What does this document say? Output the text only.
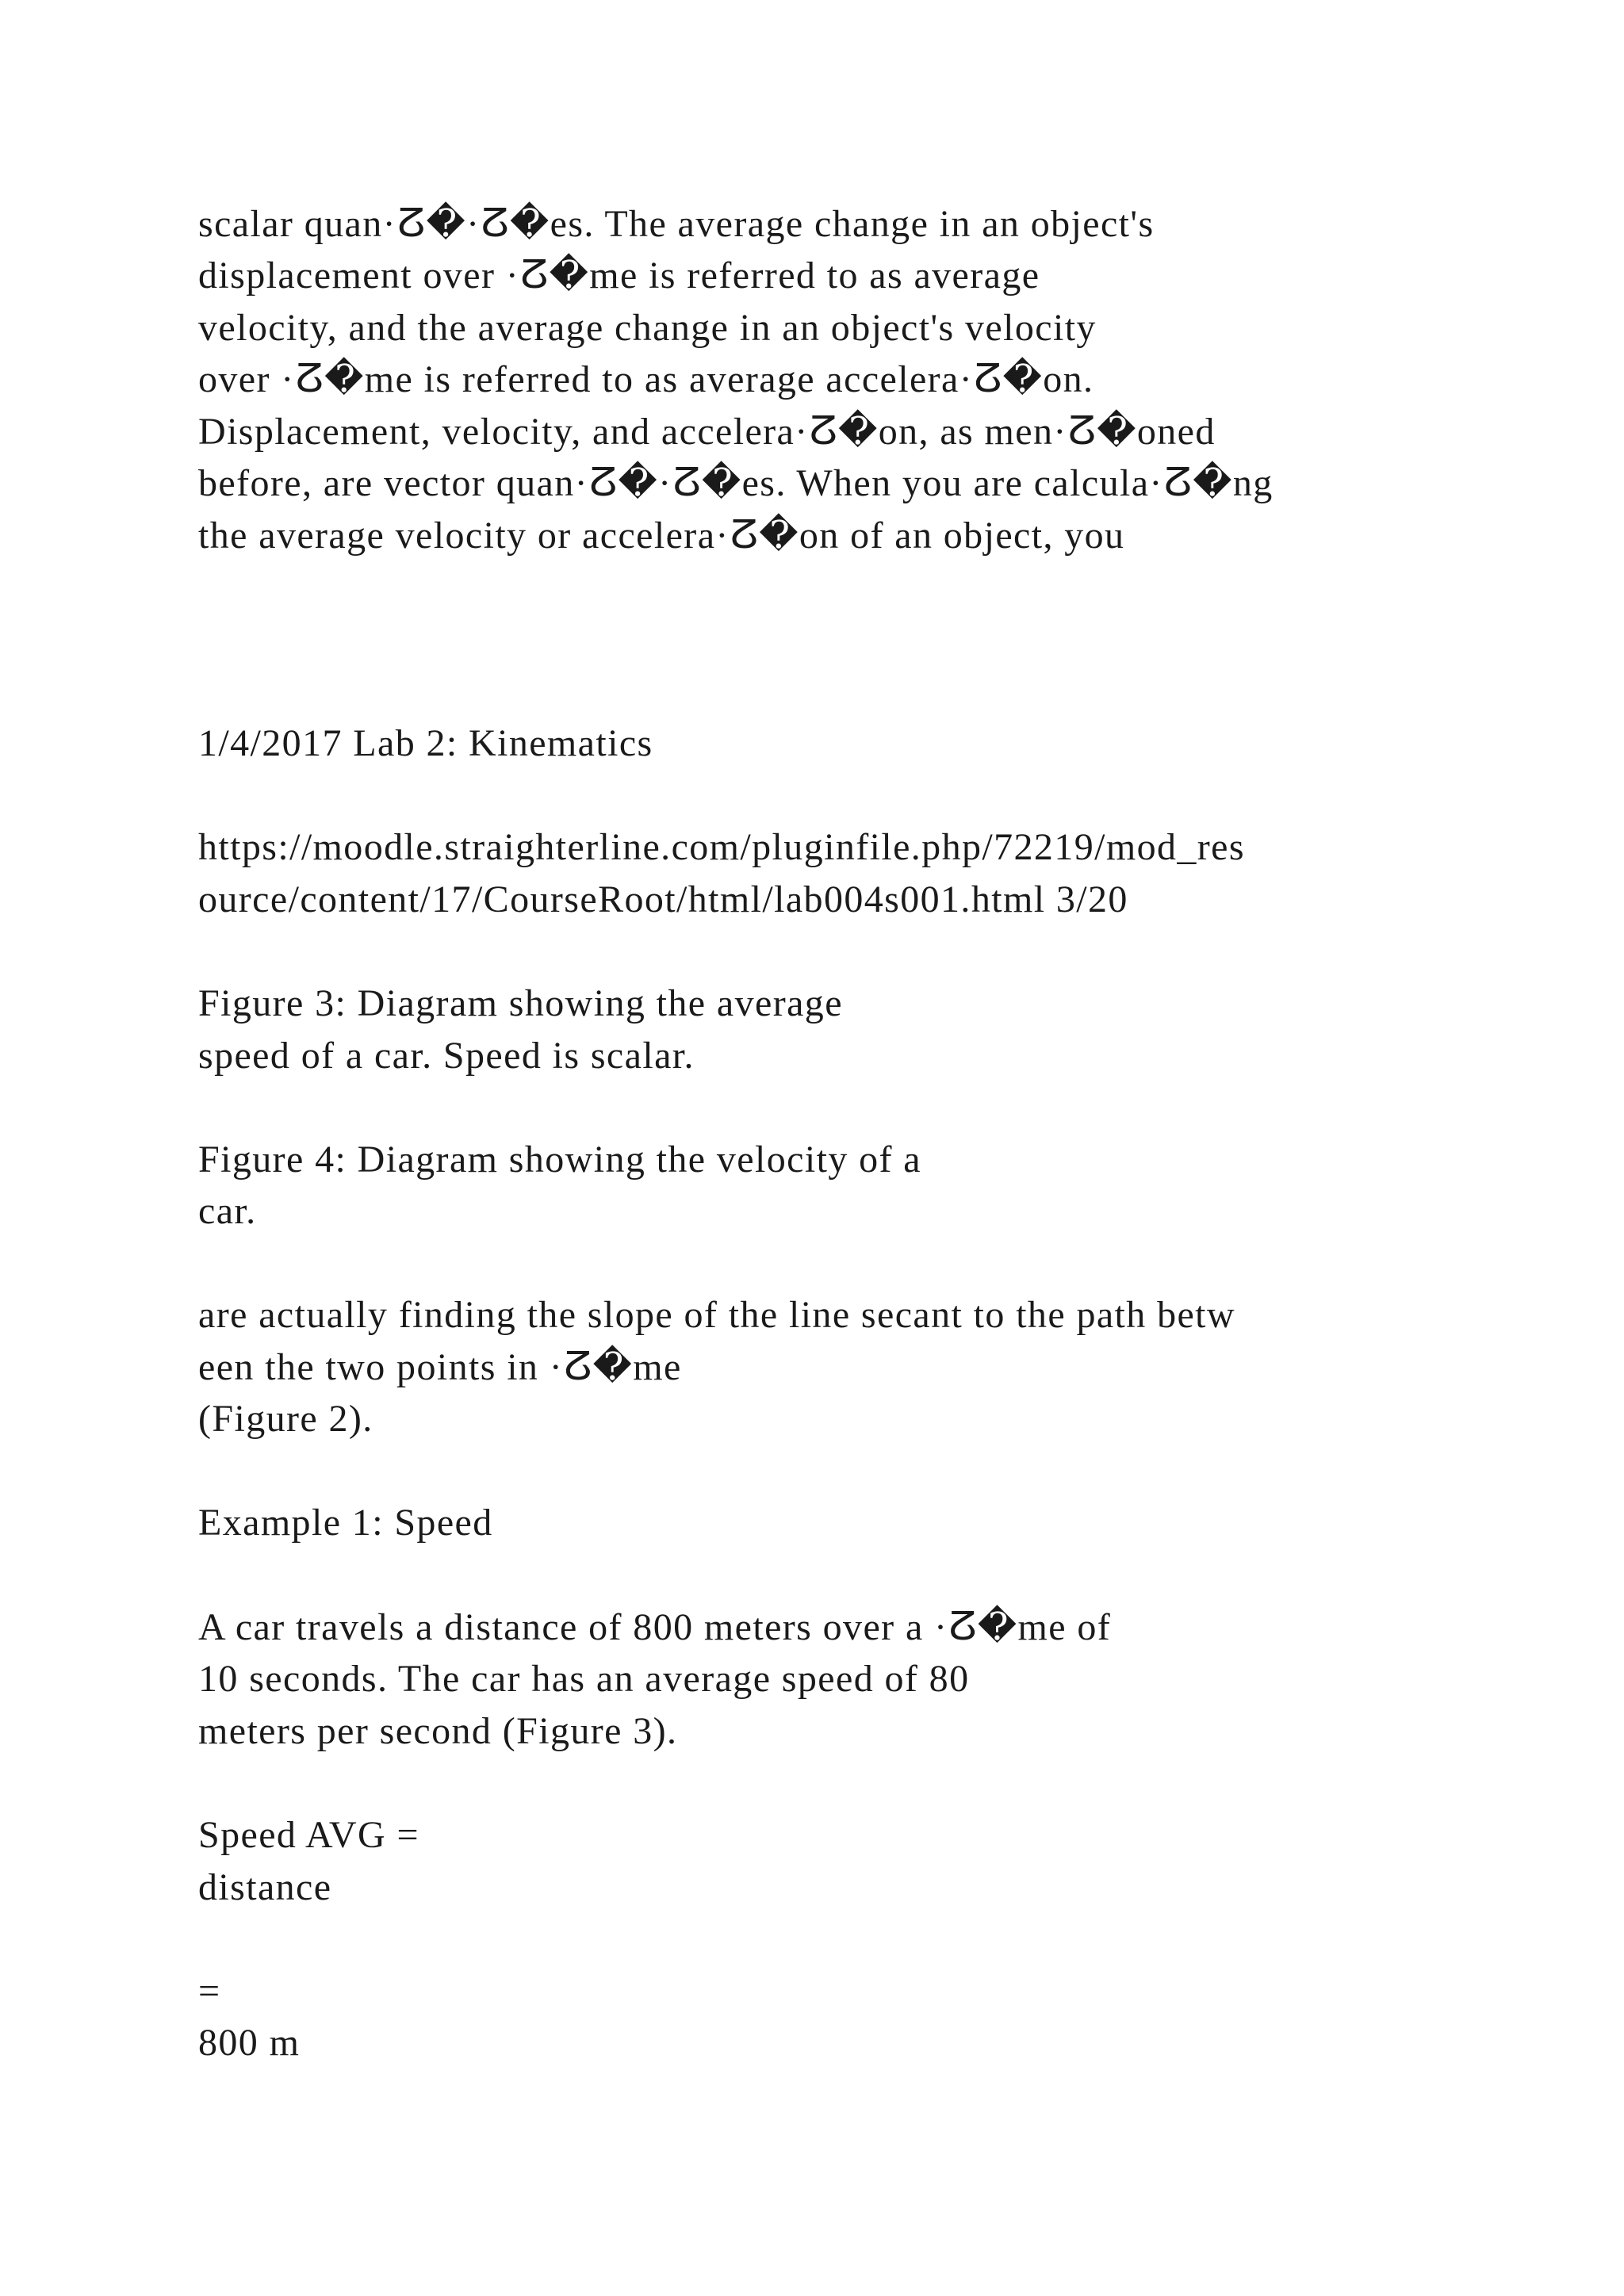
scalar quan·ⵒ�·ⵒ�es. The average change in an object's

displacement over ·ⵒ�me is referred to as average

velocity, and the average change in an object's velocity

over ·ⵒ�me is referred to as average accelera·ⵒ�on.

Displacement, velocity, and accelera·ⵒ�on, as men·ⵒ�oned

before, are vector quan·ⵒ�·ⵒ�es. When you are calcula·ⵒ�ng

the average velocity or accelera·ⵒ�on of an object, you

1/4/2017 Lab 2: Kinematics

https://moodle.straighterline.com/pluginfile.php/72219/mod_res

ource/content/17/CourseRoot/html/lab004s001.html 3/20

Figure 3: Diagram showing the average

speed of a car. Speed is scalar.

Figure 4: Diagram showing the velocity of a

car.

are actually finding the slope of the line secant to the path betw

een the two points in ·ⵒ�me

(Figure 2).

Example 1: Speed

A car travels a distance of 800 meters over a ·ⵒ�me of

10 seconds. The car has an average speed of 80

meters per second (Figure 3).

Speed AVG =

distance

=

800 m
